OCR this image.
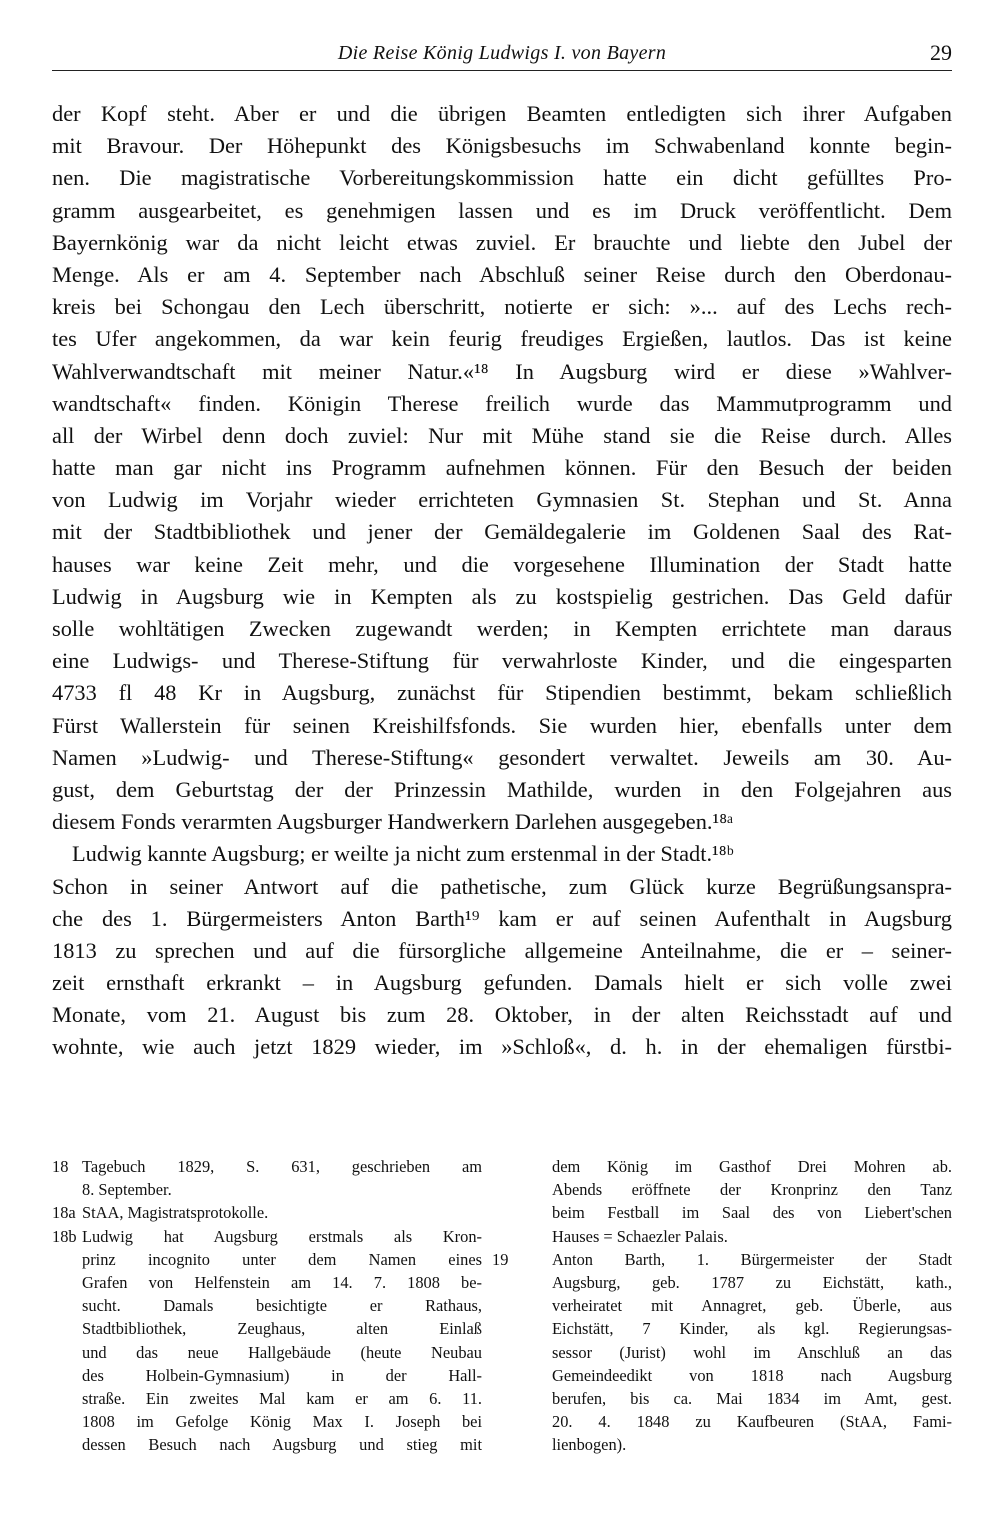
Die Reise König Ludwigs I. von Bayern	29
der Kopf steht. Aber er und die übrigen Beamten entledigten sich ihrer Aufgaben
mit Bravour. Der Höhepunkt des Königsbesuchs im Schwabenland konnte begin-
nen. Die magistratische Vorbereitungskommission hatte ein dicht gefülltes Pro-
gramm ausgearbeitet, es genehmigen lassen und es im Druck veröffentlicht. Dem
Bayernkönig war da nicht leicht etwas zuviel. Er brauchte und liebte den Jubel der
Menge. Als er am 4. September nach Abschluß seiner Reise durch den Oberdonau-
kreis bei Schongau den Lech überschritt, notierte er sich: »... auf des Lechs rech-
tes Ufer angekommen, da war kein feurig freudiges Ergießen, lautlos. Das ist keine
Wahlverwandtschaft mit meiner Natur.«¹⁸ In Augsburg wird er diese »Wahlver-
wandtschaft« finden. Königin Therese freilich wurde das Mammutprogramm und
all der Wirbel denn doch zuviel: Nur mit Mühe stand sie die Reise durch. Alles
hatte man gar nicht ins Programm aufnehmen können. Für den Besuch der beiden
von Ludwig im Vorjahr wieder errichteten Gymnasien St. Stephan und St. Anna
mit der Stadtbibliothek und jener der Gemäldegalerie im Goldenen Saal des Rat-
hauses war keine Zeit mehr, und die vorgesehene Illumination der Stadt hatte
Ludwig in Augsburg wie in Kempten als zu kostspielig gestrichen. Das Geld dafür
solle wohltätigen Zwecken zugewandt werden; in Kempten errichtete man daraus
eine Ludwigs- und Therese-Stiftung für verwahrloste Kinder, und die eingesparten
4733 fl 48 Kr in Augsburg, zunächst für Stipendien bestimmt, bekam schließlich
Fürst Wallerstein für seinen Kreishilfsfonds. Sie wurden hier, ebenfalls unter dem
Namen »Ludwig- und Therese-Stiftung« gesondert verwaltet. Jeweils am 30. Au-
gust, dem Geburtstag der der Prinzessin Mathilde, wurden in den Folgejahren aus
diesem Fonds verarmten Augsburger Handwerkern Darlehen ausgegeben.¹⁸ᵃ
Ludwig kannte Augsburg; er weilte ja nicht zum erstenmal in der Stadt.¹⁸ᵇ
Schon in seiner Antwort auf die pathetische, zum Glück kurze Begrüßungsanspra-
che des 1. Bürgermeisters Anton Barth¹⁹ kam er auf seinen Aufenthalt in Augsburg
1813 zu sprechen und auf die fürsorgliche allgemeine Anteilnahme, die er – seiner-
zeit ernsthaft erkrankt – in Augsburg gefunden. Damals hielt er sich volle zwei
Monate, vom 21. August bis zum 28. Oktober, in der alten Reichsstadt auf und
wohnte, wie auch jetzt 1829 wieder, im »Schloß«, d. h. in der ehemaligen fürstbi-
18 Tagebuch 1829, S. 631, geschrieben am
8. September.
18a StAA, Magistratsprotokolle.
18b Ludwig hat Augsburg erstmals als Kron-
prinz incognito unter dem Namen eines
Grafen von Helfenstein am 14. 7. 1808 be-
sucht. Damals besichtigte er Rathaus,
Stadtbibliothek, Zeughaus, alten Einlaß
und das neue Hallgebäude (heute Neubau
des Holbein-Gymnasium) in der Hall-
straße. Ein zweites Mal kam er am 6. 11.
1808 im Gefolge König Max I. Joseph bei
dessen Besuch nach Augsburg und stieg mit
dem König im Gasthof Drei Mohren ab.
Abends eröffnete der Kronprinz den Tanz
beim Festball im Saal des von Liebert'schen
Hauses = Schaezler Palais.
19	Anton Barth, 1. Bürgermeister der Stadt
Augsburg, geb. 1787 zu Eichstätt, kath.,
verheiratet mit Annagret, geb. Überle, aus
Eichstätt, 7 Kinder, als kgl. Regierungsas-
sessor (Jurist) wohl im Anschluß an das
Gemeindeedikt von 1818 nach Augsburg
berufen, bis ca. Mai 1834 im Amt, gest.
20. 4. 1848 zu Kaufbeuren (StAA, Fami-
lienbogen).
